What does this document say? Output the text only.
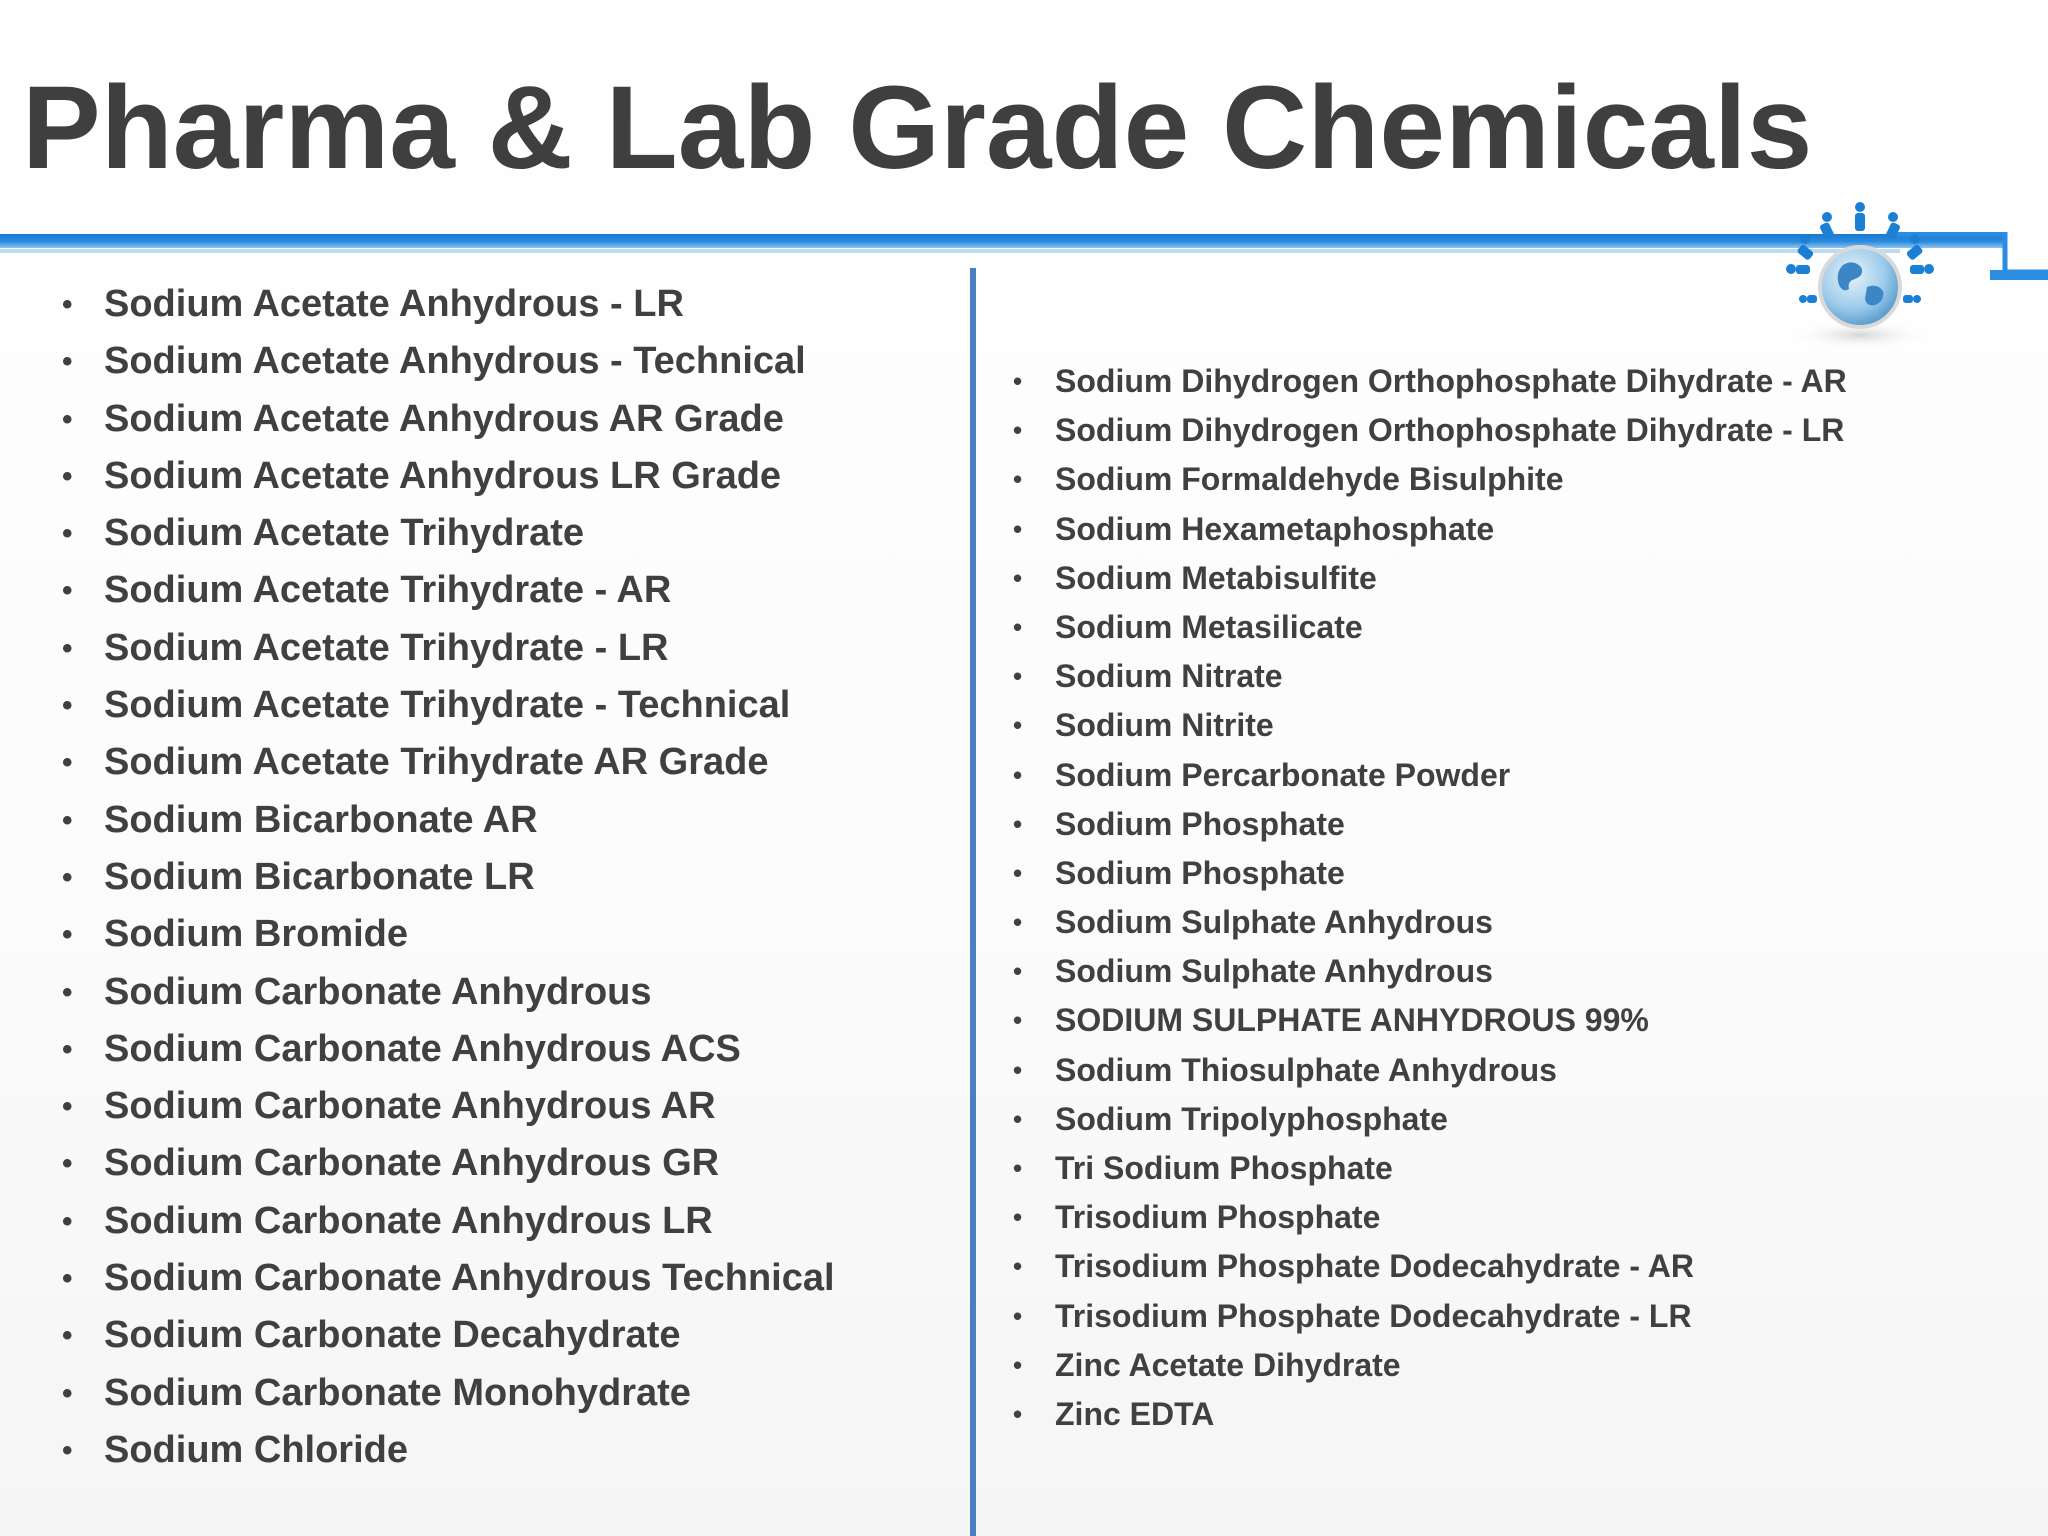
Pharma & Lab Grade Chemicals
• Sodium Acetate Anhydrous - LR
• Sodium Acetate Anhydrous - Technical
• Sodium Acetate Anhydrous AR Grade
• Sodium Acetate Anhydrous LR Grade
• Sodium Acetate Trihydrate
• Sodium Acetate Trihydrate - AR
• Sodium Acetate Trihydrate - LR
• Sodium Acetate Trihydrate - Technical
• Sodium Acetate Trihydrate AR Grade
• Sodium Bicarbonate AR
• Sodium Bicarbonate LR
• Sodium Bromide
• Sodium Carbonate Anhydrous
• Sodium Carbonate Anhydrous ACS
• Sodium Carbonate Anhydrous AR
• Sodium Carbonate Anhydrous GR
• Sodium Carbonate Anhydrous LR
• Sodium Carbonate Anhydrous Technical
• Sodium Carbonate Decahydrate
• Sodium Carbonate Monohydrate
• Sodium Chloride
• Sodium Dihydrogen Orthophosphate Dihydrate - AR
• Sodium Dihydrogen Orthophosphate Dihydrate - LR
• Sodium Formaldehyde Bisulphite
• Sodium Hexametaphosphate
• Sodium Metabisulfite
• Sodium Metasilicate
• Sodium Nitrate
• Sodium Nitrite
• Sodium Percarbonate Powder
• Sodium Phosphate
• Sodium Phosphate
• Sodium Sulphate Anhydrous
• Sodium Sulphate Anhydrous
• SODIUM SULPHATE ANHYDROUS 99%
• Sodium Thiosulphate Anhydrous
• Sodium Tripolyphosphate
• Tri Sodium Phosphate
• Trisodium Phosphate
• Trisodium Phosphate Dodecahydrate - AR
• Trisodium Phosphate Dodecahydrate - LR
• Zinc Acetate Dihydrate
• Zinc EDTA
